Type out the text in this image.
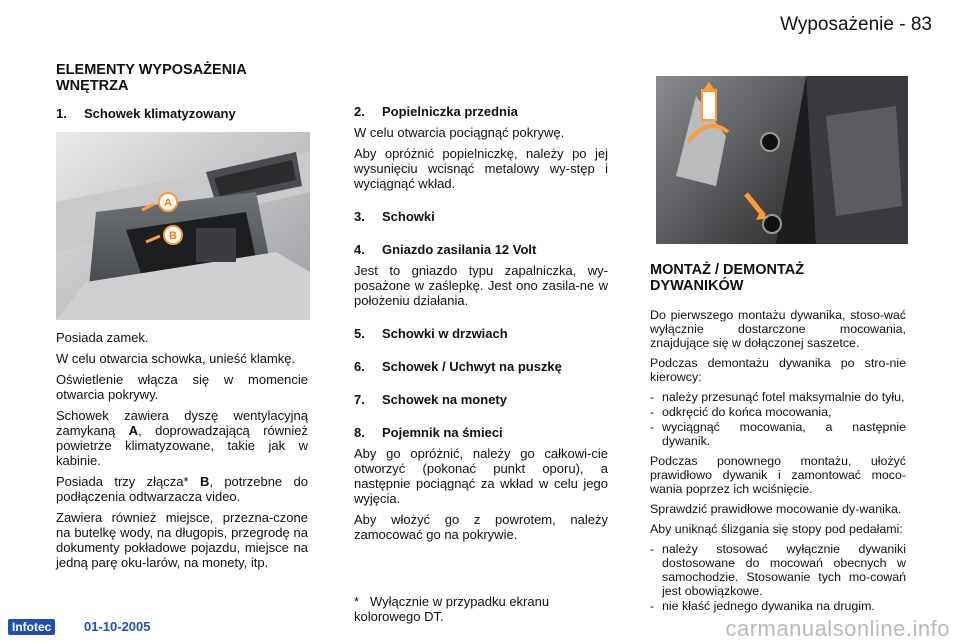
Wyposażenie - 83
ELEMENTY WYPOSAŻENIA WNĘTRZA
1. Schowek klimatyzowany
A
B

Posiada zamek.

W celu otwarcia schowka, unieść klamkę.

Oświetlenie włącza się w momencie otwarcia pokrywy.

Schowek zawiera dyszę wentylacyjną zamykaną A, doprowadzającą również powietrze klimatyzowane, takie jak w kabinie.

Posiada trzy złącza* B, potrzebne do podłączenia odtwarzacza video.

Zawiera również miejsce, przezna-czone na butelkę wody, na długopis, przegrodę na dokumenty pokładowe pojazdu, miejsce na jedną parę oku-larów, na monety, itp.

2. Popielniczka przednia

W celu otwarcia pociągnąć pokrywę.

Aby opróżnić popielniczkę, należy po jej wysunięciu wcisnąć metalowy wy-stęp i wyciągnąć wkład.

3. Schowki
4. Gniazdo zasilania 12 Volt

Jest to gniazdo typu zapalniczka, wy-posażone w zaślepkę. Jest ono zasila-ne w położeniu działania.

5. Schowki w drzwiach
6. Schowek / Uchwyt na puszkę
7. Schowek na monety
8. Pojemnik na śmieci

Aby go opróżnić, należy go całkowi-cie otworzyć (pokonać punkt oporu), a następnie pociągnąć za wkład w celu jego wyjęcia.

Aby włożyć go z powrotem, należy zamocować go na pokrywie.

* Wyłącznie w przypadku ekranu kolorowego DT.
MONTAŻ / DEMONTAŻ DYWANIKÓW

Do pierwszego montażu dywanika, stoso-wać wyłącznie dostarczone mocowania, znajdujące się w dołączonej saszetce.

Podczas demontażu dywanika po stro-nie kierowcy:

- należy przesunąć fotel maksymalnie do tyłu,
- odkręcić do końca mocowania,
- wyciągnąć mocowania, a następnie dywanik.

Podczas ponownego montażu, ułożyć prawidłowo dywanik i zamontować moco-wania poprzez ich wciśnięcie.

Sprawdzić prawidłowe mocowanie dy-wanika.

Aby uniknąć ślizgania się stopy pod pedałami:

- należy stosować wyłącznie dywaniki dostosowane do mocowań obecnych w samochodzie. Stosowanie tych mo-cowań jest obowiązkowe.
- nie kłaść jednego dywanika na drugim.
Infotec	01-10-2005	carmanualsonline.info
